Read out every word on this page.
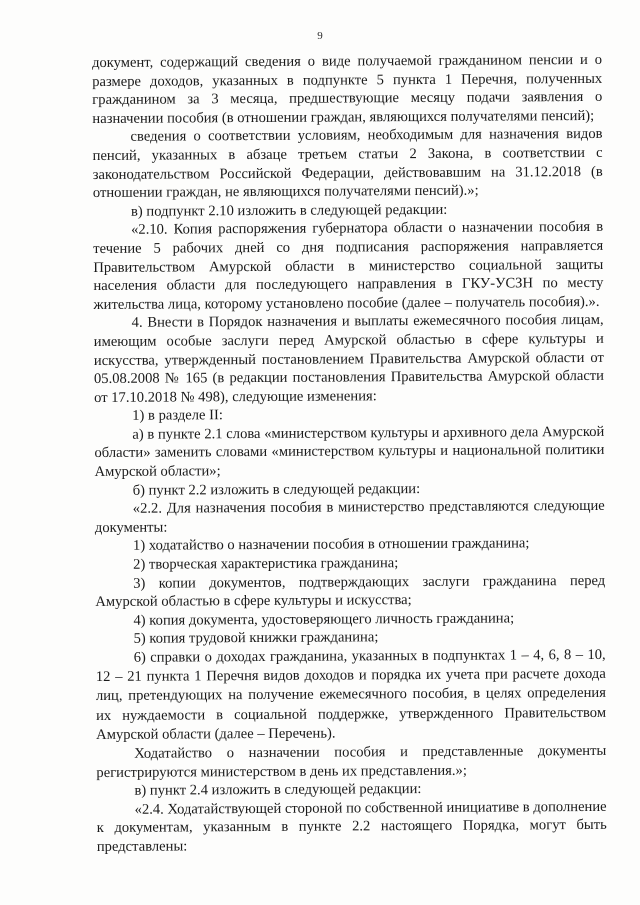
9

документ, содержащий сведения о виде получаемой гражданином пенсии и о размере доходов, указанных в подпункте 5 пункта 1 Перечня, полученных гражданином за 3 месяца, предшествующие месяцу подачи заявления о назначении пособия (в отношении граждан, являющихся получателями пенсий);

сведения о соответствии условиям, необходимым для назначения видов пенсий, указанных в абзаце третьем статьи 2 Закона, в соответствии с законодательством Российской Федерации, действовавшим на 31.12.2018 (в отношении граждан, не являющихся получателями пенсий).»;

в) подпункт 2.10 изложить в следующей редакции:

«2.10. Копия распоряжения губернатора области о назначении пособия в течение 5 рабочих дней со дня подписания распоряжения направляется Правительством Амурской области в министерство социальной защиты населения области для последующего направления в ГКУ-УСЗН по месту жительства лица, которому установлено пособие (далее – получатель пособия).».

4. Внести в Порядок назначения и выплаты ежемесячного пособия лицам, имеющим особые заслуги перед Амурской областью в сфере культуры и искусства, утвержденный постановлением Правительства Амурской области от 05.08.2008 № 165 (в редакции постановления Правительства Амурской области от 17.10.2018 № 498), следующие изменения:

1) в разделе II:

а) в пункте 2.1 слова «министерством культуры и архивного дела Амурской области» заменить словами «министерством культуры и национальной политики Амурской области»;

б) пункт 2.2 изложить в следующей редакции:

«2.2. Для назначения пособия в министерство представляются следующие документы:

1) ходатайство о назначении пособия в отношении гражданина;

2) творческая характеристика гражданина;

3) копии документов, подтверждающих заслуги гражданина перед Амурской областью в сфере культуры и искусства;

4) копия документа, удостоверяющего личность гражданина;

5) копия трудовой книжки гражданина;

6) справки о доходах гражданина, указанных в подпунктах 1 – 4, 6, 8 – 10, 12 – 21 пункта 1 Перечня видов доходов и порядка их учета при расчете дохода лиц, претендующих на получение ежемесячного пособия, в целях определения их нуждаемости в социальной поддержке, утвержденного Правительством Амурской области (далее – Перечень).

Ходатайство о назначении пособия и представленные документы регистрируются министерством в день их представления.»;

в) пункт 2.4 изложить в следующей редакции:

«2.4. Ходатайствующей стороной по собственной инициативе в дополнение к документам, указанным в пункте 2.2 настоящего Порядка, могут быть представлены:
